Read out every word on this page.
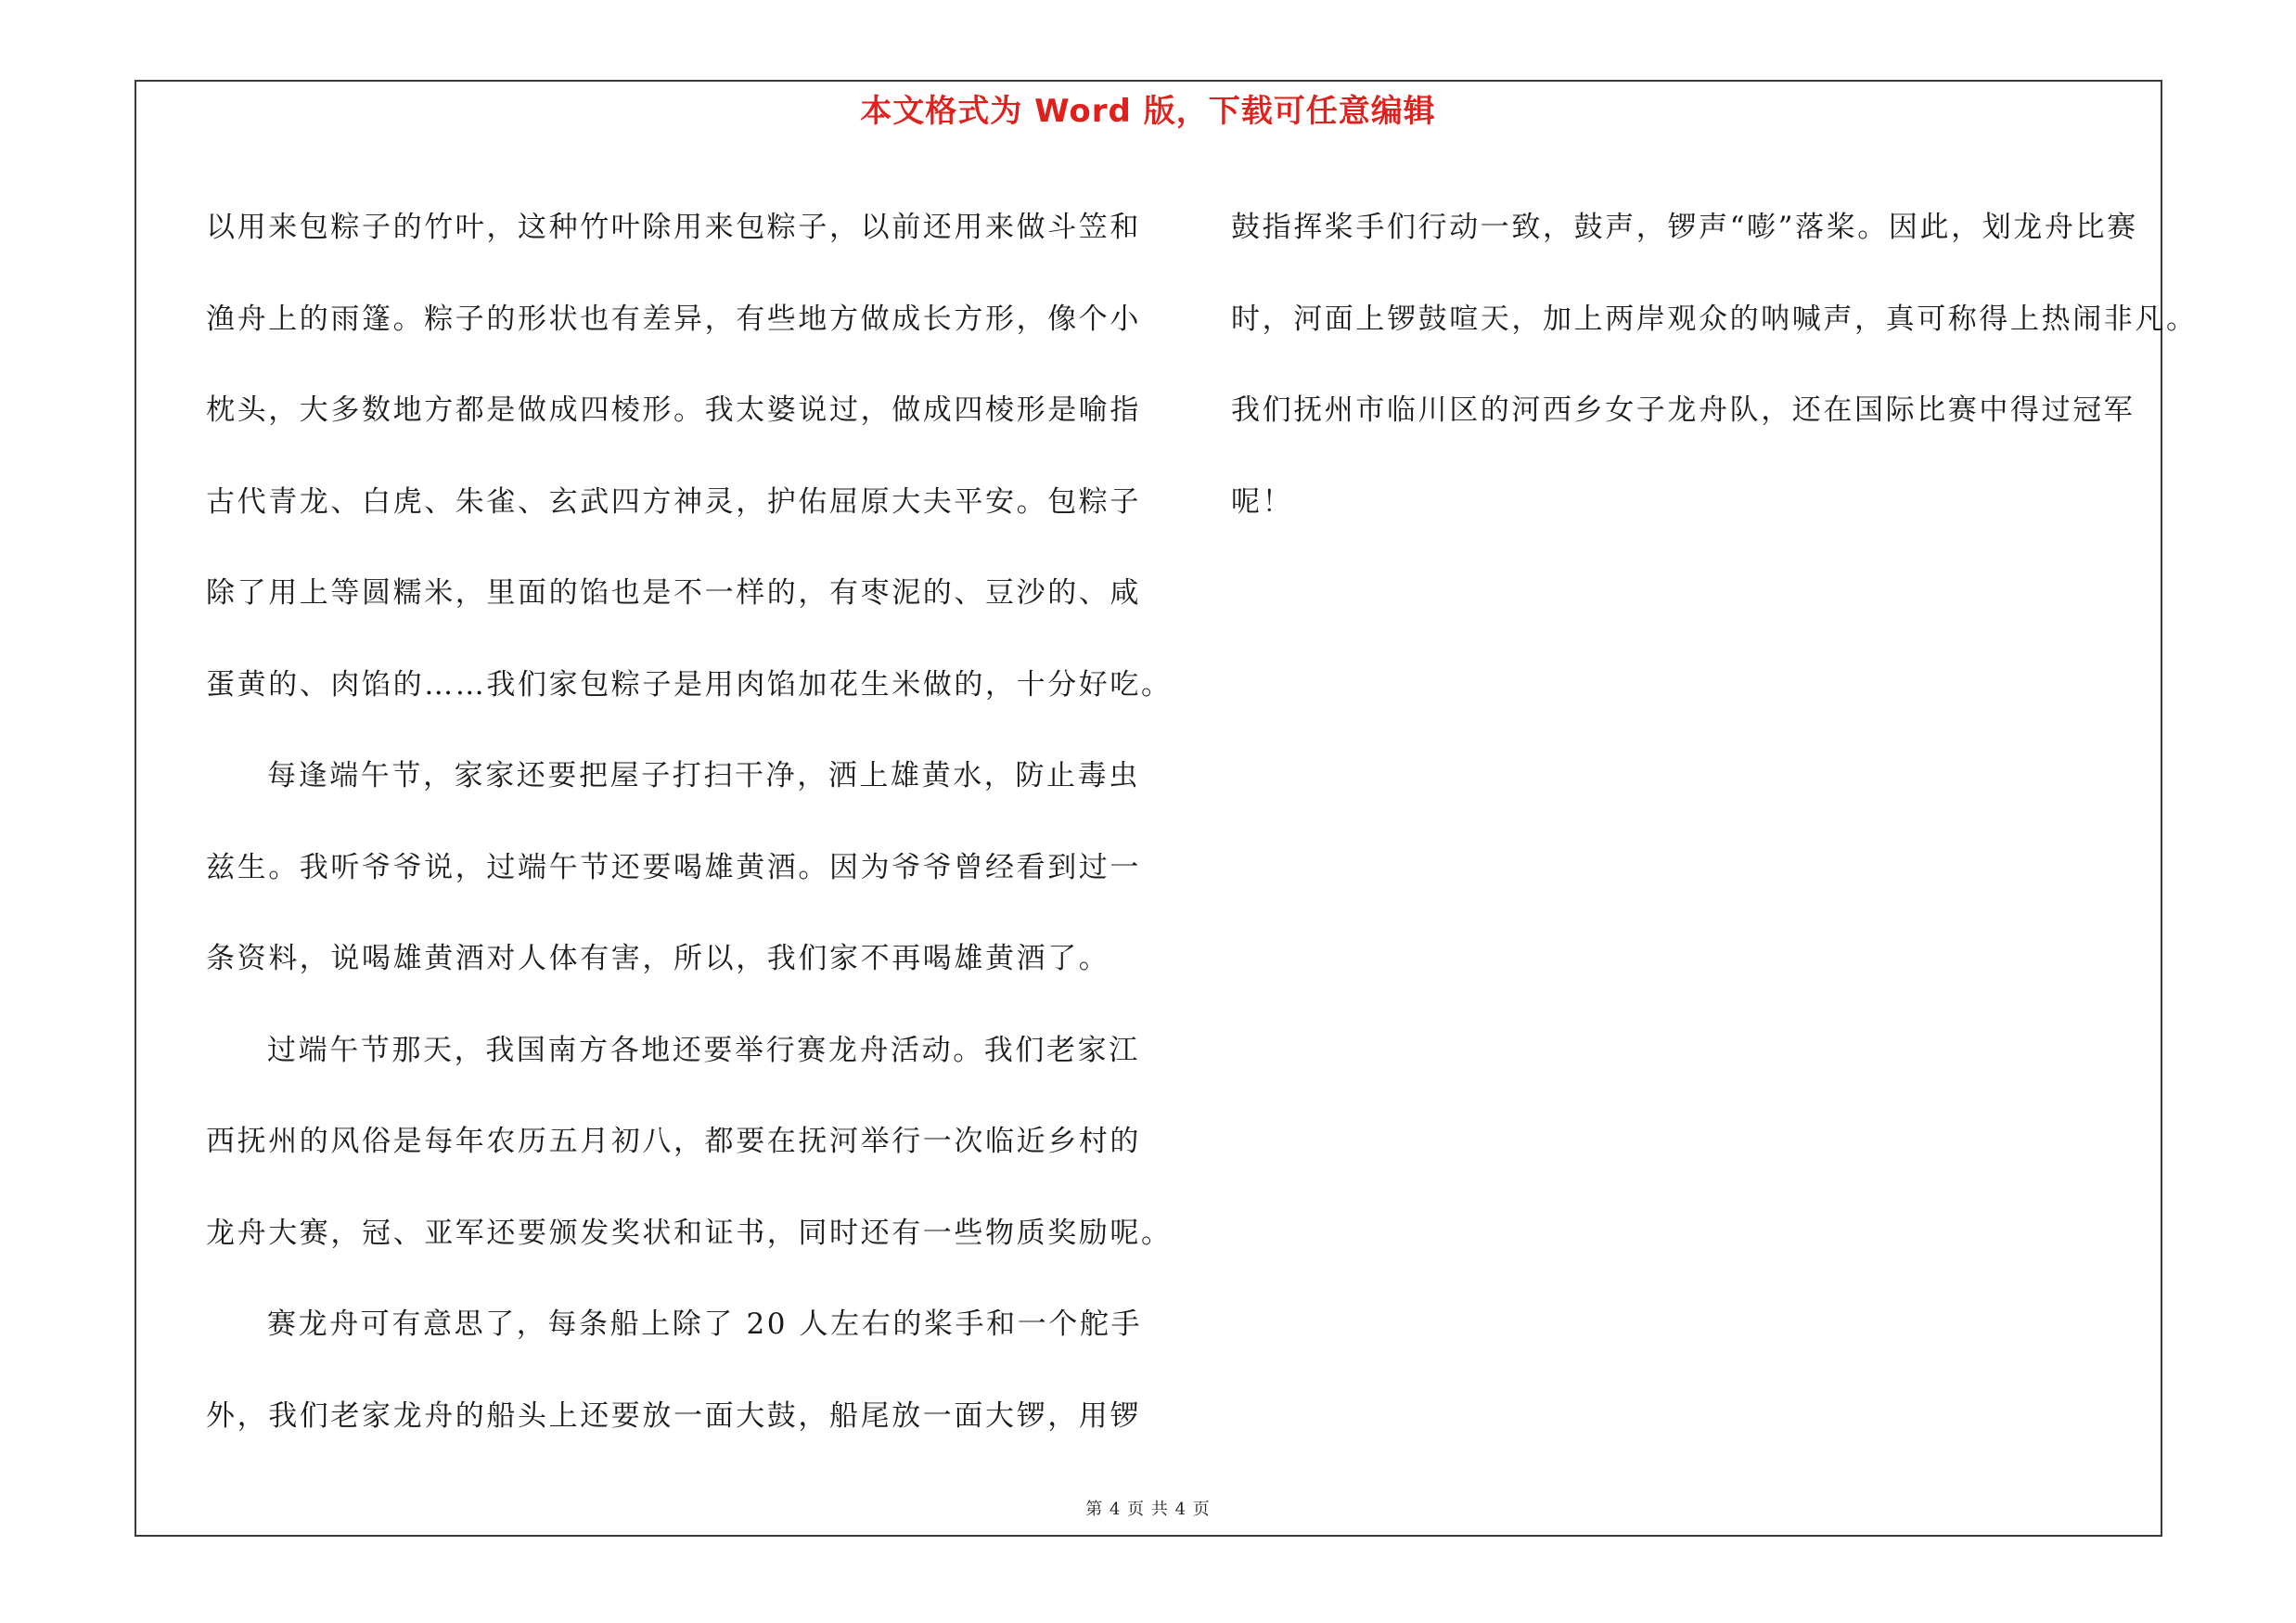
本文格式为 Word 版，下载可任意编辑
以用来包粽子的竹叶，这种竹叶除用来包粽子，以前还用来做斗笠和
渔舟上的雨篷。粽子的形状也有差异，有些地方做成长方形，像个小
枕头，大多数地方都是做成四棱形。我太婆说过，做成四棱形是喻指
古代青龙、白虎、朱雀、玄武四方神灵，护佑屈原大夫平安。包粽子
除了用上等圆糯米，里面的馅也是不一样的，有枣泥的、豆沙的、咸
蛋黄的、肉馅的……我们家包粽子是用肉馅加花生米做的，十分好吃。
每逢端午节，家家还要把屋子打扫干净，洒上雄黄水，防止毒虫
兹生。我听爷爷说，过端午节还要喝雄黄酒。因为爷爷曾经看到过一
条资料，说喝雄黄酒对人体有害，所以，我们家不再喝雄黄酒了。
过端午节那天，我国南方各地还要举行赛龙舟活动。我们老家江
西抚州的风俗是每年农历五月初八，都要在抚河举行一次临近乡村的
龙舟大赛，冠、亚军还要颁发奖状和证书，同时还有一些物质奖励呢。
赛龙舟可有意思了，每条船上除了 20 人左右的桨手和一个舵手
外，我们老家龙舟的船头上还要放一面大鼓，船尾放一面大锣，用锣
鼓指挥桨手们行动一致，鼓声，锣声“嘭”落桨。因此，划龙舟比赛
时，河面上锣鼓喧天，加上两岸观众的呐喊声，真可称得上热闹非凡。
我们抚州市临川区的河西乡女子龙舟队，还在国际比赛中得过冠军
呢！
第 4 页 共 4 页
